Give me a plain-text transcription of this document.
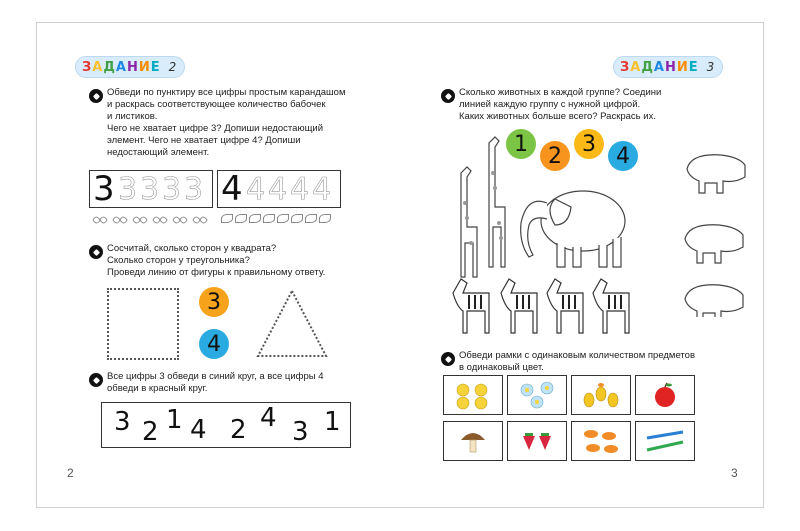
ЗАДАНИЕ 2
Обведи по пунктиру все цифры простым карандашом
и раскрась соответствующее количество бабочек
и листиков.
Чего не хватает цифре 3? Допиши недостающий
элемент. Чего не хватает цифре 4? Допиши
недостающий элемент.
3 3 3 3 3 4 4 4 4 4
Сосчитай, сколько сторон у квадрата?
Сколько сторон у треугольника?
Проведи линию от фигуры к правильному ответу.
3
4
Все цифры 3 обведи в синий круг, а все цифры 4
обведи в красный круг.
3 2 1 4 2 4 3 1
2
ЗАДАНИЕ 3
Сколько животных в каждой группе? Соедини
линией каждую группу с нужной цифрой.
Каких животных больше всего? Раскрась их.
1 2 3 4
Обведи рамки с одинаковым количеством предметов
в одинаковый цвет.
3
